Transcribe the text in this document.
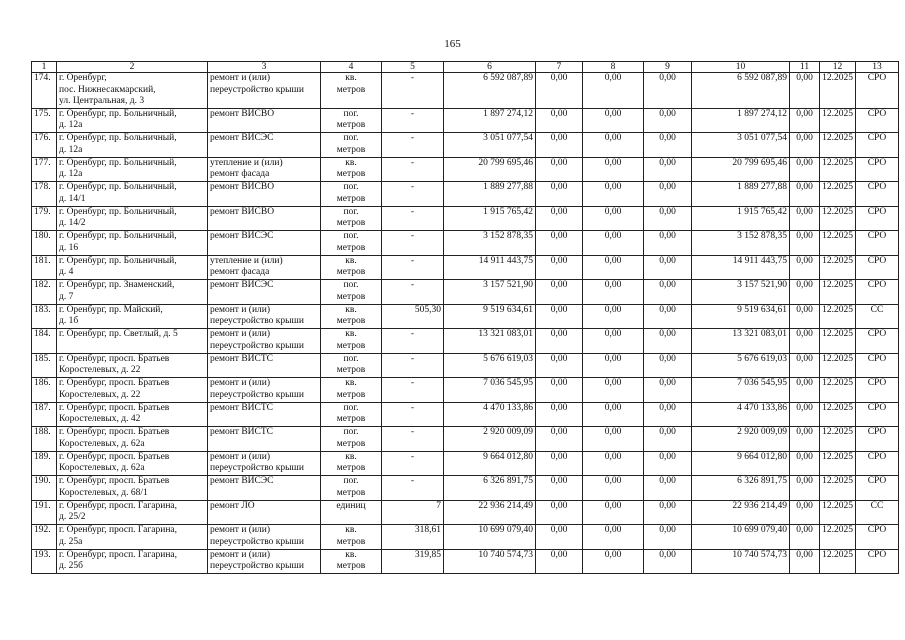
165
1	2	3	4	5	6	7	8	9	10	11	12	13
174.	г. Оренбург,
пос. Нижнесакмарский,
ул. Центральная, д. 3	ремонт и (или)
переустройство крыши	кв.
метров	-	6 592 087,89	0,00	0,00	0,00	6 592 087,89	0,00	12.2025	СРО
175.	г. Оренбург, пр. Больничный,
д. 12а	ремонт ВИСВО	пог.
метров	-	1 897 274,12	0,00	0,00	0,00	1 897 274,12	0,00	12.2025	СРО
176.	г. Оренбург, пр. Больничный,
д. 12а	ремонт ВИСЭС	пог.
метров	-	3 051 077,54	0,00	0,00	0,00	3 051 077,54	0,00	12.2025	СРО
177.	г. Оренбург, пр. Больничный,
д. 12а	утепление и (или)
ремонт фасада	кв.
метров	-	20 799 695,46	0,00	0,00	0,00	20 799 695,46	0,00	12.2025	СРО
178.	г. Оренбург, пр. Больничный,
д. 14/1	ремонт ВИСВО	пог.
метров	-	1 889 277,88	0,00	0,00	0,00	1 889 277,88	0,00	12.2025	СРО
179.	г. Оренбург, пр. Больничный,
д. 14/2	ремонт ВИСВО	пог.
метров	-	1 915 765,42	0,00	0,00	0,00	1 915 765,42	0,00	12.2025	СРО
180.	г. Оренбург, пр. Больничный,
д. 16	ремонт ВИСЭС	пог.
метров	-	3 152 878,35	0,00	0,00	0,00	3 152 878,35	0,00	12.2025	СРО
181.	г. Оренбург, пр. Больничный,
д. 4	утепление и (или)
ремонт фасада	кв.
метров	-	14 911 443,75	0,00	0,00	0,00	14 911 443,75	0,00	12.2025	СРО
182.	г. Оренбург, пр. Знаменский,
д. 7	ремонт ВИСЭС	пог.
метров	-	3 157 521,90	0,00	0,00	0,00	3 157 521,90	0,00	12.2025	СРО
183.	г. Оренбург, пр. Майский,
д. 1б	ремонт и (или)
переустройство крыши	кв.
метров	505,30	9 519 634,61	0,00	0,00	0,00	9 519 634,61	0,00	12.2025	СС
184.	г. Оренбург, пр. Светлый, д. 5	ремонт и (или)
переустройство крыши	кв.
метров	-	13 321 083,01	0,00	0,00	0,00	13 321 083,01	0,00	12.2025	СРО
185.	г. Оренбург, просп. Братьев
Коростелевых, д. 22	ремонт ВИСТС	пог.
метров	-	5 676 619,03	0,00	0,00	0,00	5 676 619,03	0,00	12.2025	СРО
186.	г. Оренбург, просп. Братьев
Коростелевых, д. 22	ремонт и (или)
переустройство крыши	кв.
метров	-	7 036 545,95	0,00	0,00	0,00	7 036 545,95	0,00	12.2025	СРО
187.	г. Оренбург, просп. Братьев
Коростелевых, д. 42	ремонт ВИСТС	пог.
метров	-	4 470 133,86	0,00	0,00	0,00	4 470 133,86	0,00	12.2025	СРО
188.	г. Оренбург, просп. Братьев
Коростелевых, д. 62а	ремонт ВИСТС	пог.
метров	-	2 920 009,09	0,00	0,00	0,00	2 920 009,09	0,00	12.2025	СРО
189.	г. Оренбург, просп. Братьев
Коростелевых, д. 62а	ремонт и (или)
переустройство крыши	кв.
метров	-	9 664 012,80	0,00	0,00	0,00	9 664 012,80	0,00	12.2025	СРО
190.	г. Оренбург, просп. Братьев
Коростелевых, д. 68/1	ремонт ВИСЭС	пог.
метров	-	6 326 891,75	0,00	0,00	0,00	6 326 891,75	0,00	12.2025	СРО
191.	г. Оренбург, просп. Гагарина,
д. 25/2	ремонт ЛО	единиц	7	22 936 214,49	0,00	0,00	0,00	22 936 214,49	0,00	12.2025	СС
192.	г. Оренбург, просп. Гагарина,
д. 25а	ремонт и (или)
переустройство крыши	кв.
метров	318,61	10 699 079,40	0,00	0,00	0,00	10 699 079,40	0,00	12.2025	СРО
193.	г. Оренбург, просп. Гагарина,
д. 25б	ремонт и (или)
переустройство крыши	кв.
метров	319,85	10 740 574,73	0,00	0,00	0,00	10 740 574,73	0,00	12.2025	СРО
